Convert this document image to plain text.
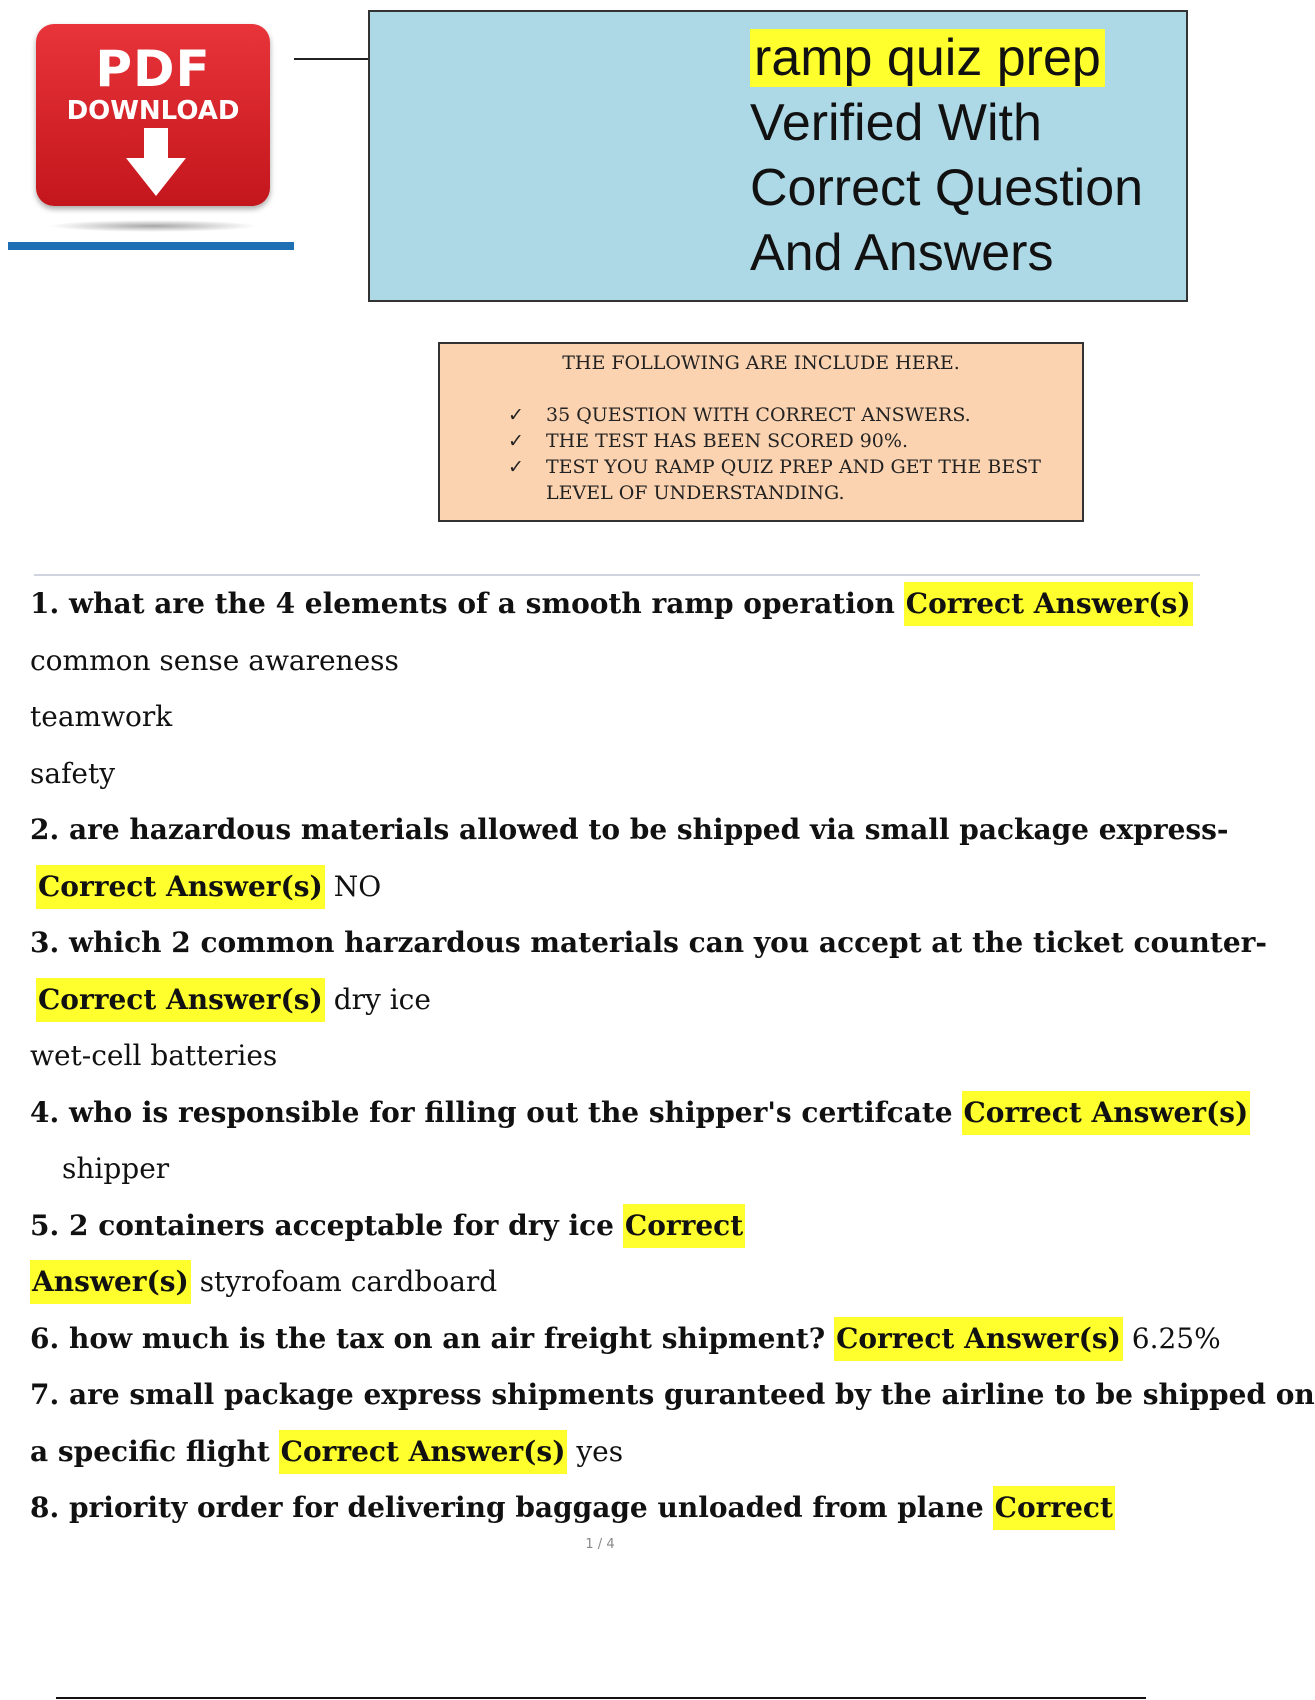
PDF
DOWNLOAD
ramp quiz prep
Verified With
Correct Question
And Answers
THE FOLLOWING ARE INCLUDE HERE.
✓ 35 QUESTION WITH CORRECT ANSWERS.
✓ THE TEST HAS BEEN SCORED 90%.
✓ TEST YOU RAMP QUIZ PREP AND GET THE BEST LEVEL OF UNDERSTANDING.
1. what are the 4 elements of a smooth ramp operation
Correct Answer(s)
common sense awareness
teamwork
safety
2. are hazardous materials allowed to be shipped via small package express-
Correct Answer(s)
NO
3. which 2 common harzardous materials can you accept at the ticket counter-
Correct Answer(s)
dry ice
wet-cell batteries
4. who is responsible for filling out the shipper's certifcate
Correct Answer(s)
shipper
5. 2 containers acceptable for dry ice
Correct
Answer(s)
styrofoam cardboard
6. how much is the tax on an air freight shipment?
Correct Answer(s)
6.25%
7. are small package express shipments guranteed by the airline to be shipped on
a specific flight
Correct Answer(s)
yes
8. priority order for delivering baggage unloaded from plane
Correct
1 / 4
